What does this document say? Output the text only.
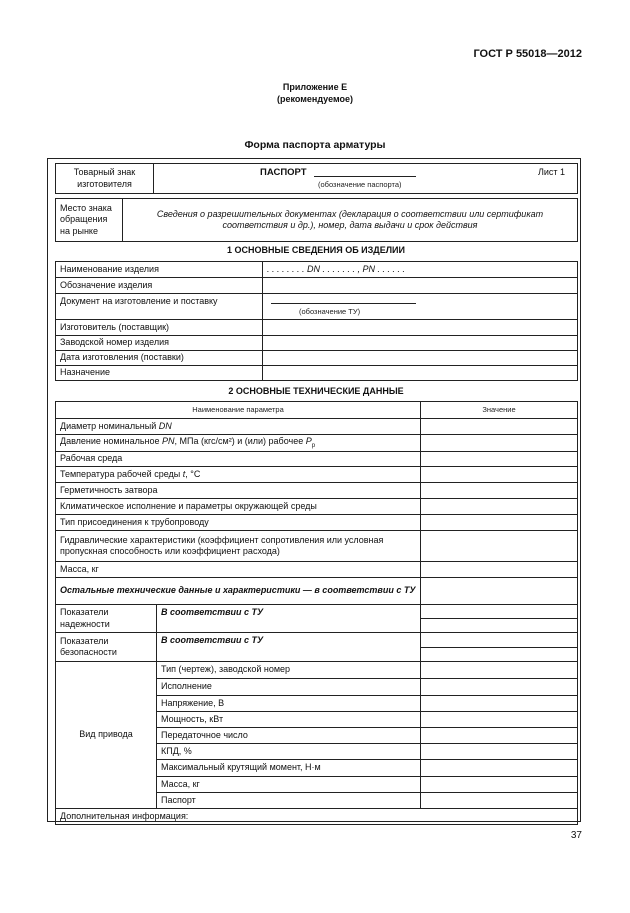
ГОСТ Р 55018—2012
Приложение Е
(рекомендуемое)
Форма паспорта арматуры
Товарный знак изготовителя	
ПАСПОРТ
(обозначение паспорта)
Лист 1
Место знака обращения на рынке	Сведения о разрешительных документах (декларация о соответствии или сертификат соответствия и др.), номер, дата выдачи и срок действия
1 ОСНОВНЫЕ СВЕДЕНИЯ ОБ ИЗДЕЛИИ
Наименование изделия	. . . . . . . . DN . . . . . . . , PN . . . . . .
Обозначение изделия	
Документ на изготовление и поставку	(обозначение ТУ)

Изготовитель (поставщик)	
Заводской номер изделия	
Дата изготовления (поставки)	
Назначение	
2 ОСНОВНЫЕ ТЕХНИЧЕСКИЕ ДАННЫЕ
Наименование параметра		Значение
Диаметр номинальный DN		
Давление номинальное PN, МПа (кгс/см²) и (или) рабочее $P_р$	
Рабочая среда		
Температура рабочей среды t, °С		
Герметичность затвора		
Климатическое исполнение и параметры окружающей среды		
Тип присоединения к трубопроводу		
Гидравлические характеристики (коэффициент сопротивления или условная пропускная способность или коэффициент расхода)		
Масса, кг		
Остальные технические данные и характеристики — в соответствии с ТУ		
Показатели надежности	В соответствии с ТУ	

Показатели безопасности	В соответствии с ТУ	

Вид привода	Тип (чертеж), заводской номер	
	Исполнение	
	Напряжение, В	
	Мощность, кВт	
	Передаточное число	
	КПД, %	
	Максимальный крутящий момент, Н·м	
	Масса, кг	
	Паспорт	
Дополнительная информация:		
37
